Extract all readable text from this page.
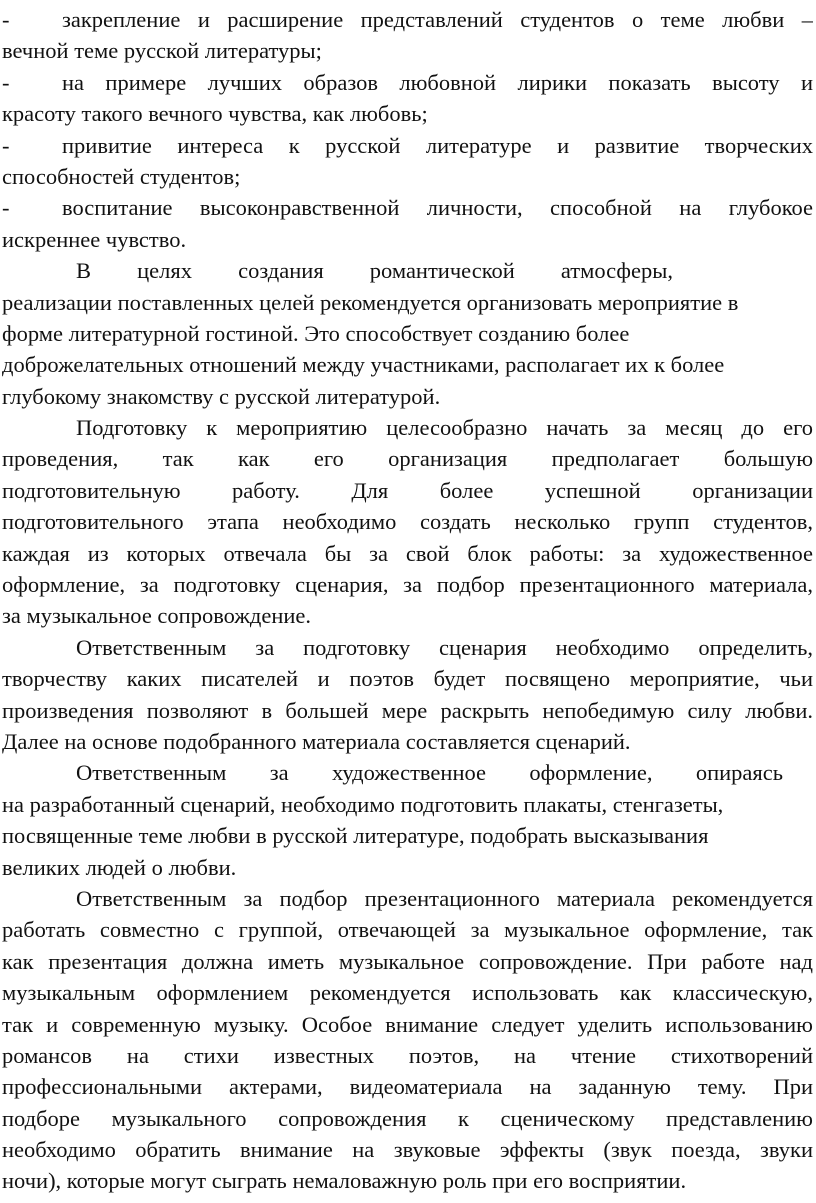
- закрепление и расширение представлений студентов о теме любви –
вечной теме русской литературы;
- на примере лучших образов любовной лирики показать высоту и
красоту такого вечного чувства, как любовь;
- привитие интереса к русской литературе и развитие творческих
способностей студентов;
- воспитание высоконравственной личности, способной на глубокое
искреннее чувство.
В целях создания романтической атмосферы,
реализации поставленных целей рекомендуется организовать мероприятие в
форме литературной гостиной. Это способствует созданию более
доброжелательных отношений между участниками, располагает их к более
глубокому знакомству с русской литературой.
Подготовку к мероприятию целесообразно начать за месяц до его
проведения, так как его организация предполагает большую
подготовительную работу. Для более успешной организации
подготовительного этапа необходимо создать несколько групп студентов,
каждая из которых отвечала бы за свой блок работы: за художественное
оформление, за подготовку сценария, за подбор презентационного материала,
за музыкальное сопровождение.
Ответственным за подготовку сценария необходимо определить,
творчеству каких писателей и поэтов будет посвящено мероприятие, чьи
произведения позволяют в большей мере раскрыть непобедимую силу любви.
Далее на основе подобранного материала составляется сценарий.
Ответственным за художественное оформление, опираясь
на разработанный сценарий, необходимо подготовить плакаты, стенгазеты,
посвященные теме любви в русской литературе, подобрать высказывания
великих людей о любви.
Ответственным за подбор презентационного материала рекомендуется
работать совместно с группой, отвечающей за музыкальное оформление, так
как презентация должна иметь музыкальное сопровождение. При работе над
музыкальным оформлением рекомендуется использовать как классическую,
так и современную музыку. Особое внимание следует уделить использованию
романсов на стихи известных поэтов, на чтение стихотворений
профессиональными актерами, видеоматериала на заданную тему. При
подборе музыкального сопровождения к сценическому представлению
необходимо обратить внимание на звуковые эффекты (звук поезда, звуки
ночи), которые могут сыграть немаловажную роль при его восприятии.
